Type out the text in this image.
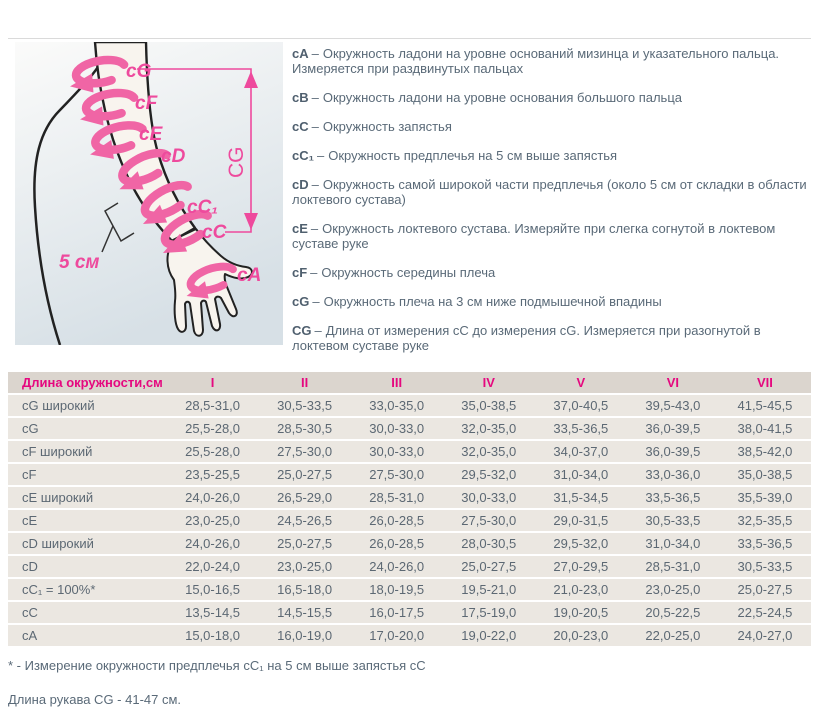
cG
cF
cE
cD
cC₁
cC
cA
5 см
CG

cA – Окружность ладони на уровне оснований мизинца и указательного пальца. Измеряется при раздвинутых пальцах

cB – Окружность ладони на уровне основания большого пальца

cC – Окружность запястья

cC₁ – Окружность предплечья на 5 см выше запястья

cD – Окружность самой широкой части предплечья (около 5 см от складки в области локтевого сустава)

cE – Окружность локтевого сустава. Измеряйте при слегка согнутой в локтевом суставе руке

cF – Окружность середины плеча

cG – Окружность плеча на 3 см ниже подмышечной впадины

CG – Длина от измерения сС до измерения сG. Измеряется при разогнутой в локтевом суставе руке

Длина окружности,см	I	II	III	IV	V	VI	VII
cG широкий	28,5-31,0	30,5-33,5	33,0-35,0	35,0-38,5	37,0-40,5	39,5-43,0	41,5-45,5
cG	25,5-28,0	28,5-30,5	30,0-33,0	32,0-35,0	33,5-36,5	36,0-39,5	38,0-41,5
cF широкий	25,5-28,0	27,5-30,0	30,0-33,0	32,0-35,0	34,0-37,0	36,0-39,5	38,5-42,0
cF	23,5-25,5	25,0-27,5	27,5-30,0	29,5-32,0	31,0-34,0	33,0-36,0	35,0-38,5
cE широкий	24,0-26,0	26,5-29,0	28,5-31,0	30,0-33,0	31,5-34,5	33,5-36,5	35,5-39,0
cE	23,0-25,0	24,5-26,5	26,0-28,5	27,5-30,0	29,0-31,5	30,5-33,5	32,5-35,5
cD широкий	24,0-26,0	25,0-27,5	26,0-28,5	28,0-30,5	29,5-32,0	31,0-34,0	33,5-36,5
cD	22,0-24,0	23,0-25,0	24,0-26,0	25,0-27,5	27,0-29,5	28,5-31,0	30,5-33,5
cC₁ = 100%*	15,0-16,5	16,5-18,0	18,0-19,5	19,5-21,0	21,0-23,0	23,0-25,0	25,0-27,5
cC	13,5-14,5	14,5-15,5	16,0-17,5	17,5-19,0	19,0-20,5	20,5-22,5	22,5-24,5
cA	15,0-18,0	16,0-19,0	17,0-20,0	19,0-22,0	20,0-23,0	22,0-25,0	24,0-27,0
* - Измерение окружности предплечья сС₁ на 5 см выше запястья сС
Длина рукава CG - 41-47 см.
